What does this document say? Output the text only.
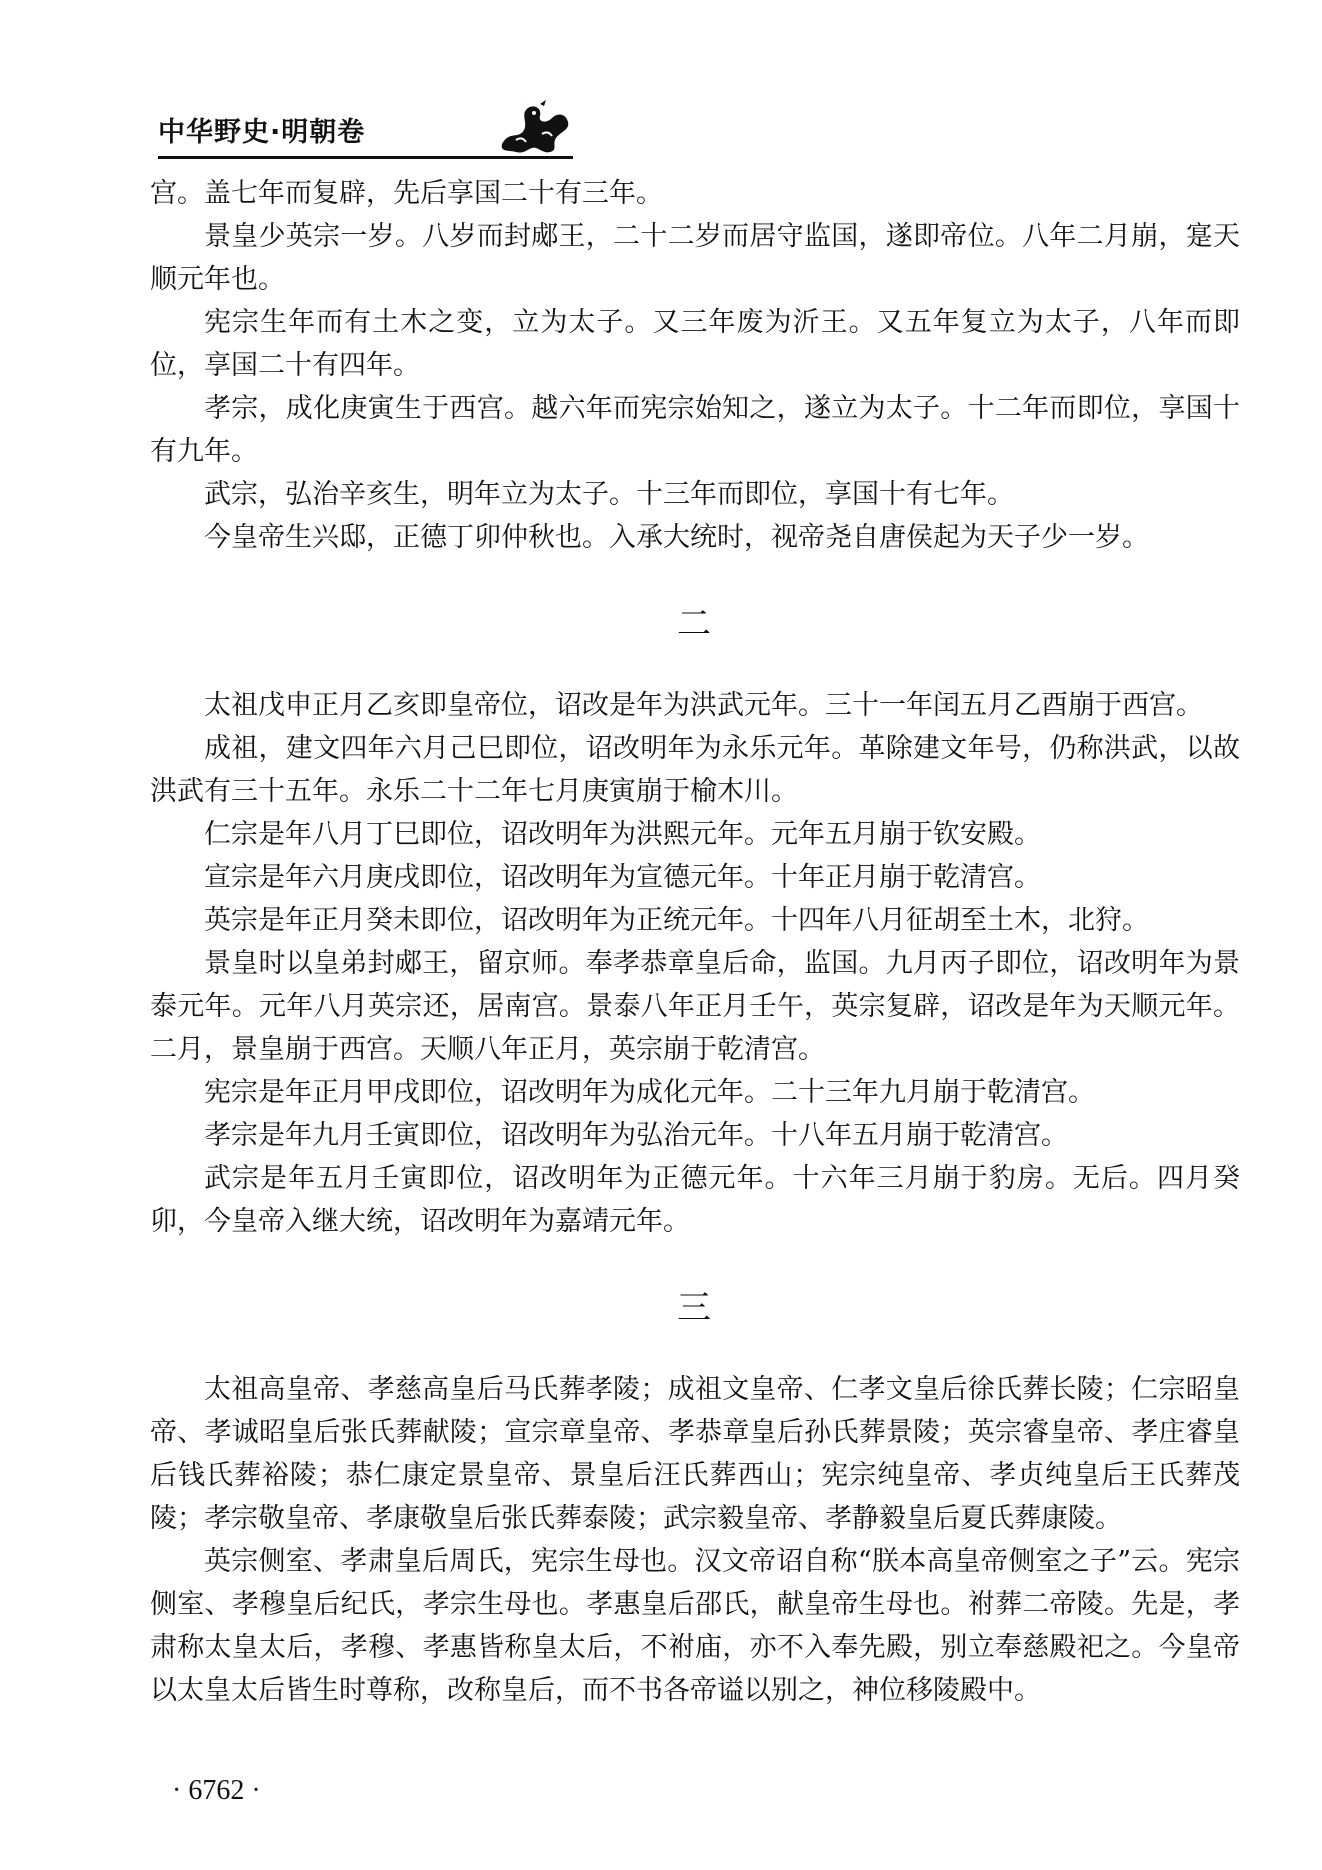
中华野史·明朝卷

宫。盖七年而复辟，先后享国二十有三年。

景皇少英宗一岁。八岁而封郕王，二十二岁而居守监国，遂即帝位。八年二月崩，寔天顺元年也。

宪宗生年而有土木之变，立为太子。又三年废为沂王。又五年复立为太子，八年而即位，享国二十有四年。

孝宗，成化庚寅生于西宫。越六年而宪宗始知之，遂立为太子。十二年而即位，享国十有九年。

武宗，弘治辛亥生，明年立为太子。十三年而即位，享国十有七年。

今皇帝生兴邸，正德丁卯仲秋也。入承大统时，视帝尧自唐侯起为天子少一岁。

二

太祖戊申正月乙亥即皇帝位，诏改是年为洪武元年。三十一年闰五月乙酉崩于西宫。

成祖，建文四年六月己巳即位，诏改明年为永乐元年。革除建文年号，仍称洪武，以故洪武有三十五年。永乐二十二年七月庚寅崩于榆木川。

仁宗是年八月丁巳即位，诏改明年为洪熙元年。元年五月崩于钦安殿。

宣宗是年六月庚戌即位，诏改明年为宣德元年。十年正月崩于乾清宫。

英宗是年正月癸未即位，诏改明年为正统元年。十四年八月征胡至土木，北狩。

景皇时以皇弟封郕王，留京师。奉孝恭章皇后命，监国。九月丙子即位，诏改明年为景泰元年。元年八月英宗还，居南宫。景泰八年正月壬午，英宗复辟，诏改是年为天顺元年。二月，景皇崩于西宫。天顺八年正月，英宗崩于乾清宫。

宪宗是年正月甲戌即位，诏改明年为成化元年。二十三年九月崩于乾清宫。

孝宗是年九月壬寅即位，诏改明年为弘治元年。十八年五月崩于乾清宫。

武宗是年五月壬寅即位，诏改明年为正德元年。十六年三月崩于豹房。无后。四月癸卯，今皇帝入继大统，诏改明年为嘉靖元年。

三

太祖高皇帝、孝慈高皇后马氏葬孝陵；成祖文皇帝、仁孝文皇后徐氏葬长陵；仁宗昭皇帝、孝诚昭皇后张氏葬献陵；宣宗章皇帝、孝恭章皇后孙氏葬景陵；英宗睿皇帝、孝庄睿皇后钱氏葬裕陵；恭仁康定景皇帝、景皇后汪氏葬西山；宪宗纯皇帝、孝贞纯皇后王氏葬茂陵；孝宗敬皇帝、孝康敬皇后张氏葬泰陵；武宗毅皇帝、孝静毅皇后夏氏葬康陵。

英宗侧室、孝肃皇后周氏，宪宗生母也。汉文帝诏自称“朕本高皇帝侧室之子”云。宪宗侧室、孝穆皇后纪氏，孝宗生母也。孝惠皇后邵氏，献皇帝生母也。祔葬二帝陵。先是，孝肃称太皇太后，孝穆、孝惠皆称皇太后，不祔庙，亦不入奉先殿，别立奉慈殿祀之。今皇帝以太皇太后皆生时尊称，改称皇后，而不书各帝谥以别之，神位移陵殿中。

· 6762 ·
